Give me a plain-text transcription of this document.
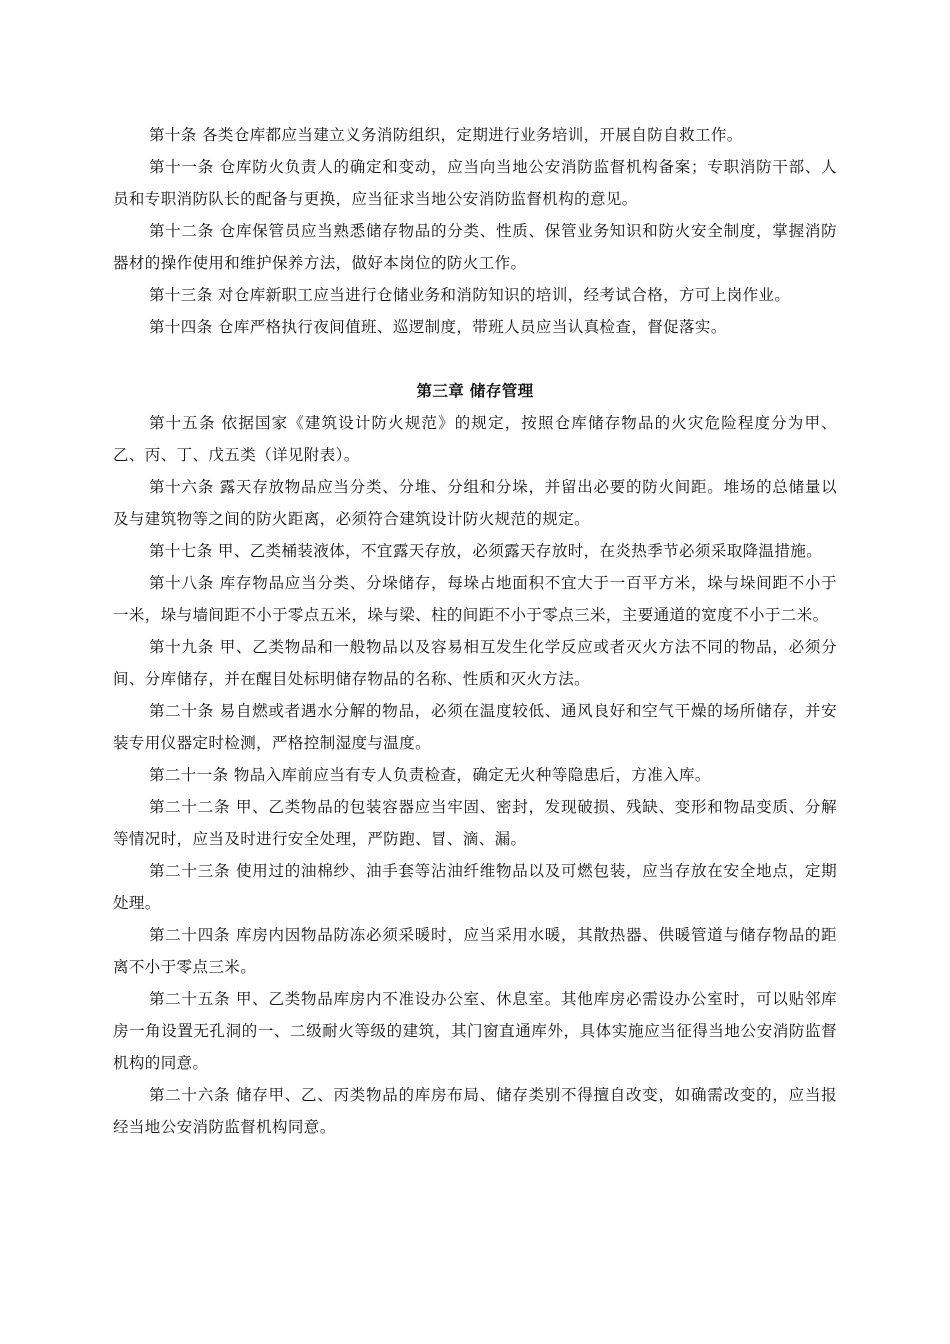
第十条 各类仓库都应当建立义务消防组织，定期进行业务培训，开展自防自救工作。

第十一条 仓库防火负责人的确定和变动，应当向当地公安消防监督机构备案；专职消防干部、人员和专职消防队长的配备与更换，应当征求当地公安消防监督机构的意见。

第十二条 仓库保管员应当熟悉储存物品的分类、性质、保管业务知识和防火安全制度，掌握消防器材的操作使用和维护保养方法，做好本岗位的防火工作。

第十三条 对仓库新职工应当进行仓储业务和消防知识的培训，经考试合格，方可上岗作业。

第十四条 仓库严格执行夜间值班、巡逻制度，带班人员应当认真检查，督促落实。

第三章 储存管理

第十五条 依据国家《建筑设计防火规范》的规定，按照仓库储存物品的火灾危险程度分为甲、乙、丙、丁、戊五类（详见附表）。

第十六条 露天存放物品应当分类、分堆、分组和分垛，并留出必要的防火间距。堆场的总储量以及与建筑物等之间的防火距离，必须符合建筑设计防火规范的规定。

第十七条 甲、乙类桶装液体，不宜露天存放，必须露天存放时，在炎热季节必须采取降温措施。

第十八条 库存物品应当分类、分垛储存，每垛占地面积不宜大于一百平方米，垛与垛间距不小于一米，垛与墙间距不小于零点五米，垛与梁、柱的间距不小于零点三米，主要通道的宽度不小于二米。

第十九条 甲、乙类物品和一般物品以及容易相互发生化学反应或者灭火方法不同的物品，必须分间、分库储存，并在醒目处标明储存物品的名称、性质和灭火方法。

第二十条 易自燃或者遇水分解的物品，必须在温度较低、通风良好和空气干燥的场所储存，并安装专用仪器定时检测，严格控制湿度与温度。

第二十一条 物品入库前应当有专人负责检查，确定无火种等隐患后，方准入库。

第二十二条 甲、乙类物品的包装容器应当牢固、密封，发现破损、残缺、变形和物品变质、分解等情况时，应当及时进行安全处理，严防跑、冒、滴、漏。

第二十三条 使用过的油棉纱、油手套等沾油纤维物品以及可燃包装，应当存放在安全地点，定期处理。

第二十四条 库房内因物品防冻必须采暖时，应当采用水暖，其散热器、供暖管道与储存物品的距离不小于零点三米。

第二十五条 甲、乙类物品库房内不准设办公室、休息室。其他库房必需设办公室时，可以贴邻库房一角设置无孔洞的一、二级耐火等级的建筑，其门窗直通库外，具体实施应当征得当地公安消防监督机构的同意。

第二十六条 储存甲、乙、丙类物品的库房布局、储存类别不得擅自改变，如确需改变的，应当报经当地公安消防监督机构同意。
